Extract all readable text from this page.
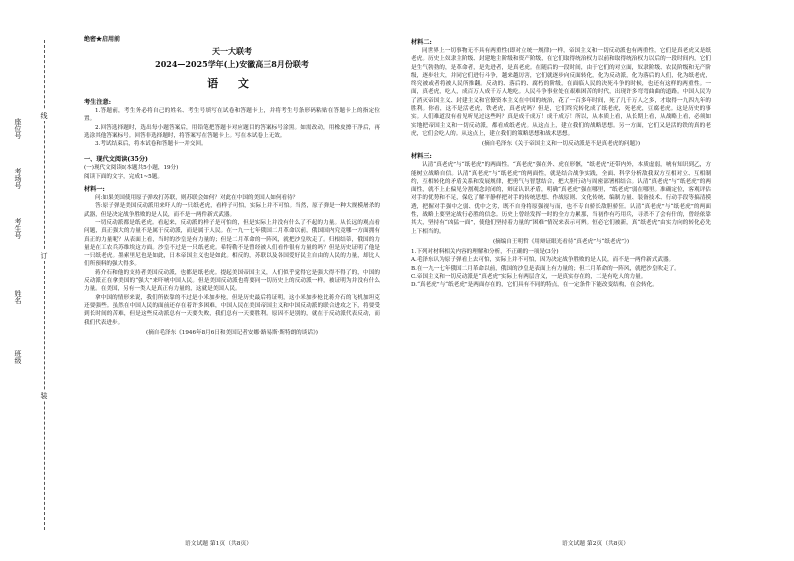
座位号
考场号
考生号
姓名
班级
线
订
装
绝密★启用前
天一大联考
2024—2025学年(上)安徽高三8月份联考
语 文
考生注意:

1.答题前，考生务必将自己的姓名、考生号填写在试卷和答题卡上，并将考生号条形码粘贴在答题卡上的指定位置。

2.回答选择题时，选出每小题答案后，用铅笔把答题卡对应题目的答案标号涂黑。如需改动，用橡皮擦干净后，再选涂其他答案标号。回答非选择题时，将答案写在答题卡上。写在本试卷上无效。

3.考试结束后，将本试卷和答题卡一并交回。

一、现代文阅读(35分)

(一)现代文阅读Ⅰ(本题共5小题，19分)

阅读下面的文字，完成1~5题。

材料一:

问:如果美国使用原子弹攻打苏联，则苏联会如何？对此在中国的美国人如何看待？

答:原子弹是美国反动派用来吓人的一只纸老虎，看样子可怕，实际上并不可怕。当然，原子弹是一种大规模屠杀的武器，但是决定战争胜败的是人民，而不是一两件新式武器。

一切反动派都是纸老虎。看起来，反动派的样子是可怕的，但是实际上并没有什么了不起的力量。从长远的观点看问题，真正强大的力量不是属于反动派，而是属于人民。在一九一七年俄国二月革命以前，俄国国内究竟哪一方面拥有真正的力量呢？从表面上看，当时的沙皇是有力量的；但是二月革命的一阵风，就把沙皇吹走了。归根结蒂，俄国的力量是在工农兵苏维埃这方面。沙皇不过是一只纸老虎。希特勒不是曾经被人们看作很有力量的吗？但是历史证明了他是一只纸老虎。墨索里尼也是如此，日本帝国主义也是如此。相反的，苏联以及各国爱好民主自由的人民的力量，却比人们所预料的强大得多。

蒋介石和他的支持者美国反动派，也都是纸老虎。提起美国帝国主义，人们似乎觉得它是强大得不得了的，中国的反动派正在拿美国的“强大”来吓唬中国人民。但是美国反动派也将要同一切历史上的反动派一样，被证明为并没有什么力量。在美国，另有一类人是真正有力量的，这就是美国人民。

拿中国的情形来说，我们所依靠的不过是小米加步枪，但是历史最后将证明，这小米加步枪比蒋介石的飞机加坦克还要强些。虽然在中国人民的面前还存在着许多困难，中国人民在美国帝国主义和中国反动派的联合进攻之下，将要受到长时间的苦难，但是这些反动派总有一天要失败，我们总有一天要胜利。原因不是别的，就在于反动派代表反动，而我们代表进步。

(摘自毛泽东《1946年8月6日和美国记者安娜·路易斯·斯特朗的谈话》)
语文试题 第1页（共8页）
材料二:

同世界上一切事物无不具有两重性(即对立统一规律)一样，帝国主义和一切反动派也有两重性，它们是真老虎又是纸老虎。历史上奴隶主阶级、封建地主阶级和资产阶级，在它们取得统治权力以前和取得统治权力以后的一段时间内，它们是生气勃勃的，是革命者，是先进者，是真老虎。在随后的一段时间，由于它们的对立面，奴隶阶级、农民阶级和无产阶级，逐步壮大，并同它们进行斗争，越来越厉害，它们就逐步向反面转化，化为反动派，化为落后的人们，化为纸老虎，终究被或者将被人民所推翻。反动的、落后的、腐朽的阶级，在面临人民的决死斗争的时候，也还有这样的两重性。一面，真老虎，吃人，成百万人成千万人地吃。人民斗争事业处在艰难困苦的时代，出现许多弯弯曲曲的道路。中国人民为了消灭帝国主义、封建主义和官僚资本主义在中国的统治，花了一百多年时间，死了几千万人之多，才取得一九四九年的胜利。你看，这不是活老虎，铁老虎，真老虎吗？但是，它们终究转化成了纸老虎，死老虎，豆腐老虎。这是历史的事实。人们难道没有看见听见过这些吗？真是成千成万！成千成万！所以，从本质上看，从长期上看，从战略上看，必须如实地把帝国主义和一切反动派，都看成纸老虎。从这点上，建立我们的战略思想。另一方面，它们又是活的铁的真的老虎，它们会吃人的。从这点上，建立我们的策略思想和战术思想。

(摘自毛泽东《关于帝国主义和一切反动派是不是真老虎的问题》)
材料三:

认清“真老虎”与“纸老虎”的两面性。“真老虎”强在外、虎在形骸，“纸老虎”还带内外，本质虚弱，唬有知识到乙，方能树立战略自信。认清“真老虎”与“纸老虎”的两面性，就是结合战争实践，全面、科学分析敌我双方互相对立、互相制约，互相转化的矛盾关系和发展规律，把勇气与智慧结合，把大胆行动与周密部署相结合。认清“真老虎”与“纸老虎”的两面性，就不上止偏见分割观念封闭的，辩证认识矛盾，明确“真老虎”强在哪里，“纸老虎”弱在哪里。准确定位，客观评估对手的优势和不足，保危了解平静样把对手的传统思想、作战原则、文化传统、编制力量、装备技术、行动手段等搞清摸透，把握对手强中之弱、优中之劣，既不自身将原强视与而，也不专自骄长敌胆骄狂。认清“真老虎”与“纸老虎”的两面性，战略上要坚定战行必胜的信念。历史上曾经发挥一时的全方力累那，当初作有巧用兵，寻杀不了会有什的，曾经依靠其大，坚持有“凶猛一面”，使他们坚持着力量的“困难”情况来表示可辨。恒必它们被新，真“纸老虎”由实力向的转化必先上下相当的。

(摘编自王明哲《用辩证眼光看待“真老虎”与“纸老虎”》)

1.下列对材料相关内容的理解和分析，不正确的一项是(3分)

A.毛泽东认为原子弹看上去可怕，实际上并不可怕，因为决定战争胜败的是人民，而不是一两件新式武器。

B.在一九一七年俄国二月革命以前，俄国的沙皇是表面上有力量的；但二月革命的一阵风，就把沙皇吹走了。

C.帝国主义和一切反动派是“真老虎”实际上有两层含义，一是真实存在的，二是有吃人的力量。

D.“真老虎”与“纸老虎”是两面存在的，它们具有不同的特点，在一定条件下能改变结构，在会转化。

语文试题 第2页（共8页）
